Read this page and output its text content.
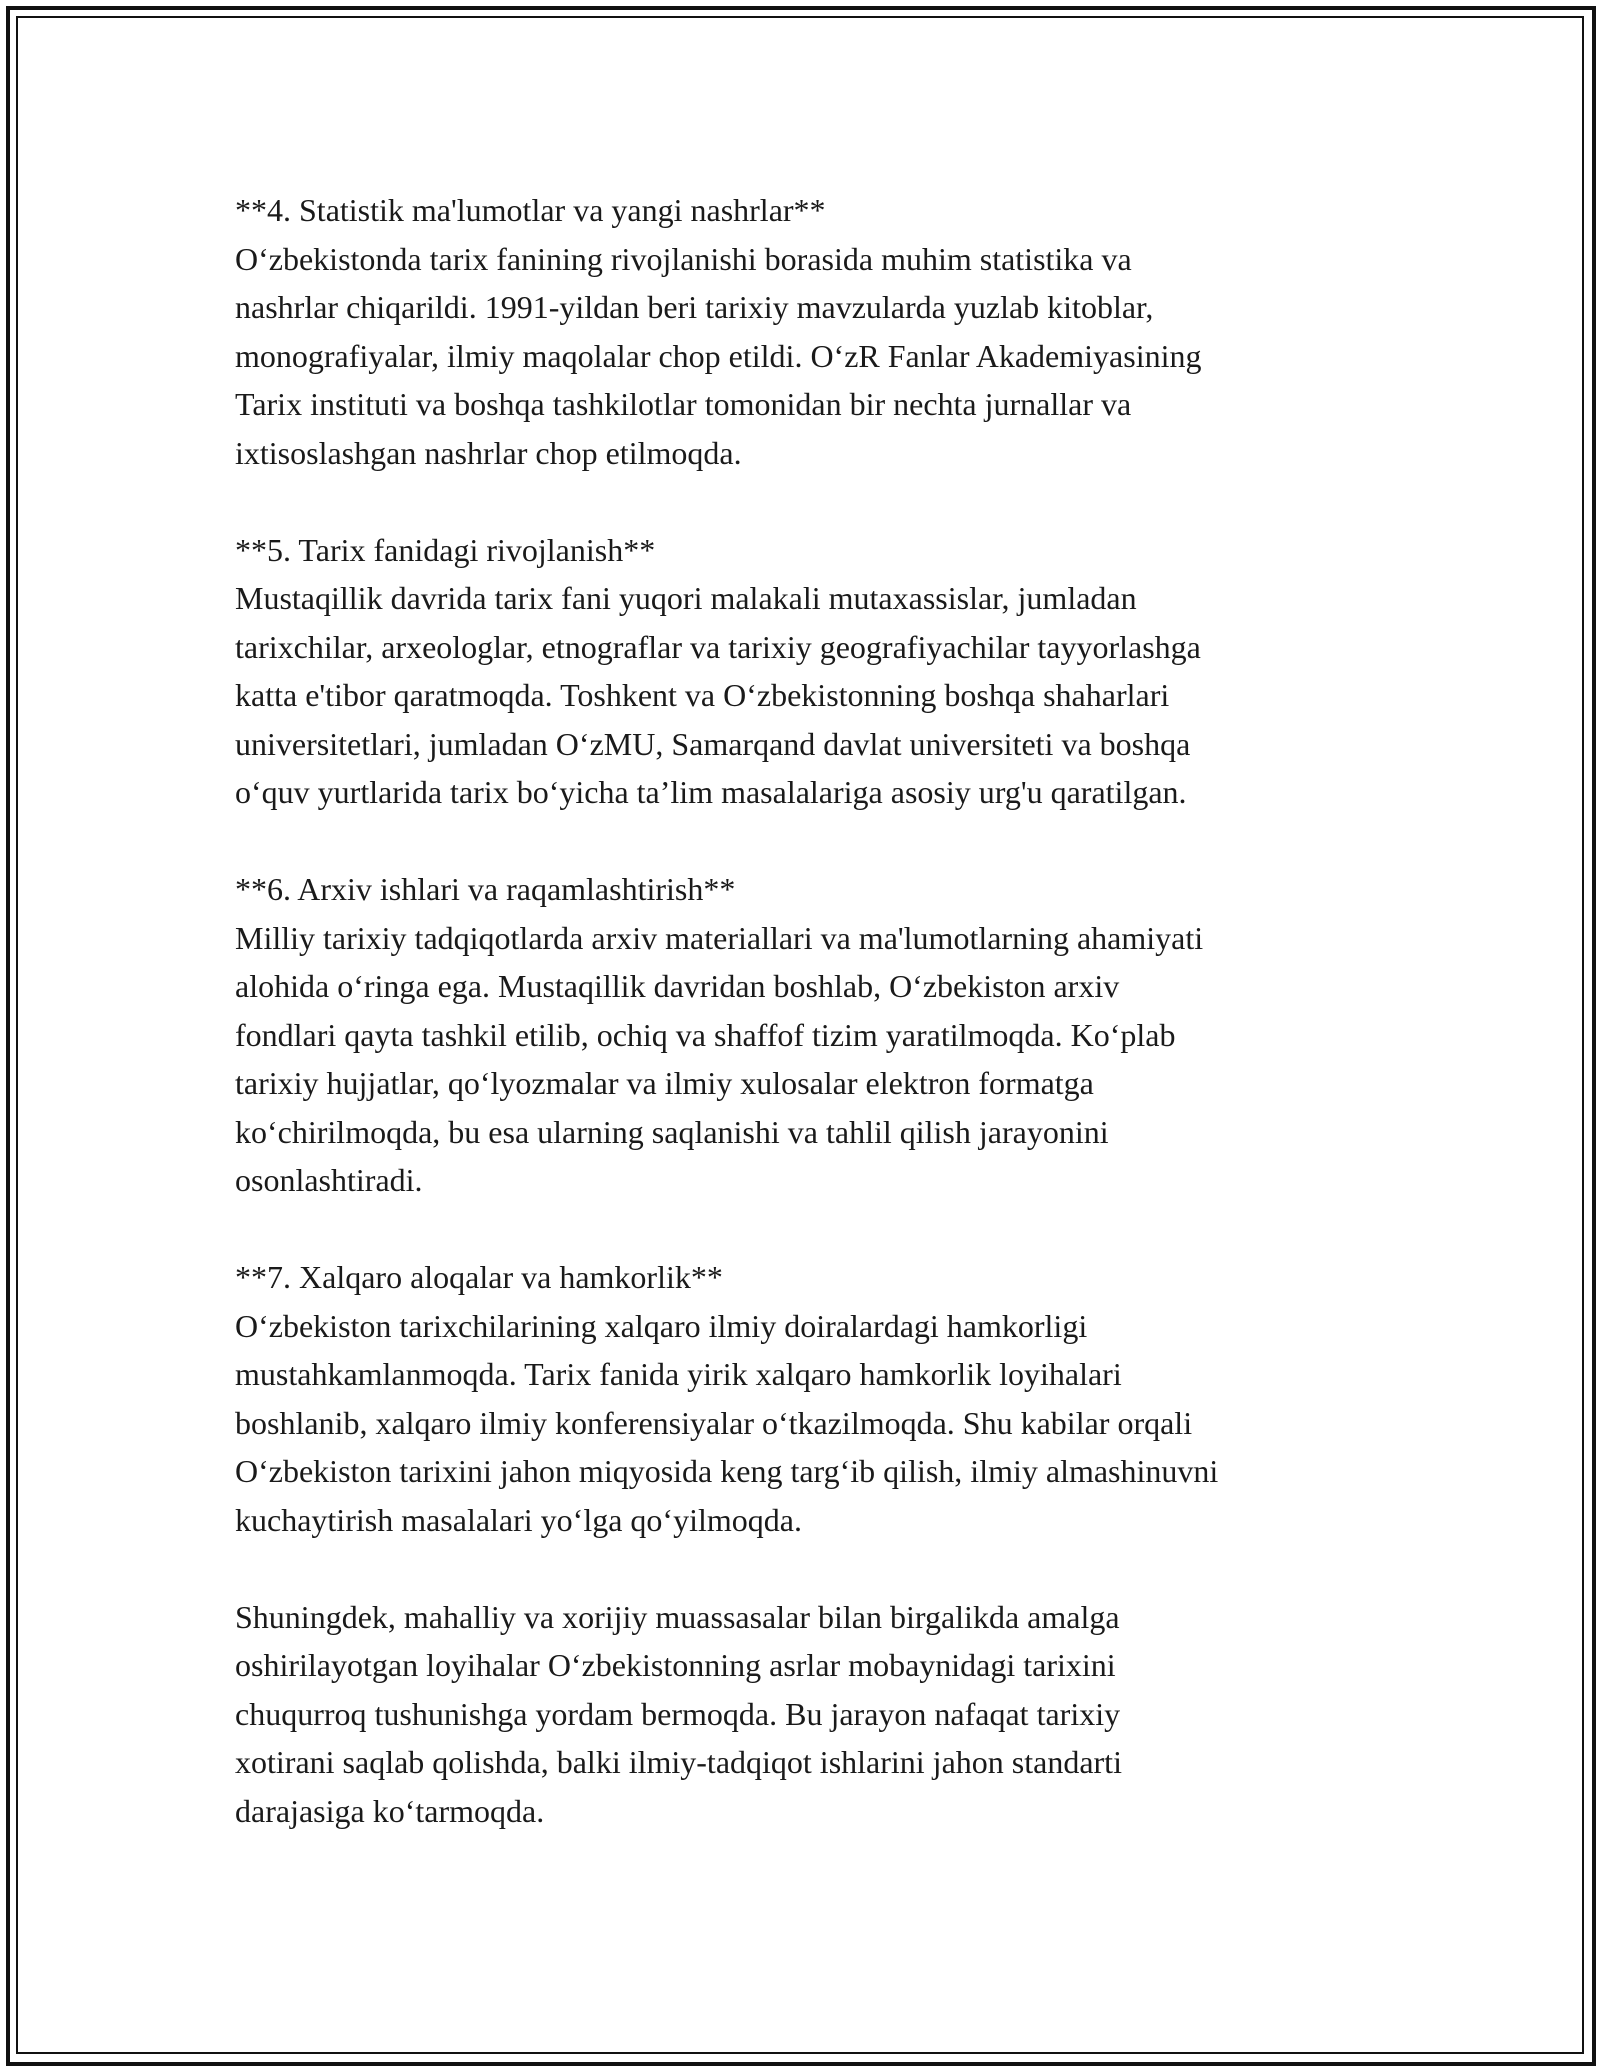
**4. Statistik ma'lumotlar va yangi nashrlar**

O‘zbekistonda tarix fanining rivojlanishi borasida muhim statistika va
nashrlar chiqarildi. 1991-yildan beri tarixiy mavzularda yuzlab kitoblar,
monografiyalar, ilmiy maqolalar chop etildi. O‘zR Fanlar Akademiyasining
Tarix instituti va boshqa tashkilotlar tomonidan bir nechta jurnallar va
ixtisoslashgan nashrlar chop etilmoqda.

**5. Tarix fanidagi rivojlanish**

Mustaqillik davrida tarix fani yuqori malakali mutaxassislar, jumladan
tarixchilar, arxeologlar, etnograflar va tarixiy geografiyachilar tayyorlashga
katta e'tibor qaratmoqda. Toshkent va O‘zbekistonning boshqa shaharlari
universitetlari, jumladan O‘zMU, Samarqand davlat universiteti va boshqa
o‘quv yurtlarida tarix bo‘yicha ta’lim masalalariga asosiy urg'u qaratilgan.

**6. Arxiv ishlari va raqamlashtirish**

Milliy tarixiy tadqiqotlarda arxiv materiallari va ma'lumotlarning ahamiyati
alohida o‘ringa ega. Mustaqillik davridan boshlab, O‘zbekiston arxiv
fondlari qayta tashkil etilib, ochiq va shaffof tizim yaratilmoqda. Ko‘plab
tarixiy hujjatlar, qo‘lyozmalar va ilmiy xulosalar elektron formatga
ko‘chirilmoqda, bu esa ularning saqlanishi va tahlil qilish jarayonini
osonlashtiradi.

**7. Xalqaro aloqalar va hamkorlik**

O‘zbekiston tarixchilarining xalqaro ilmiy doiralardagi hamkorligi
mustahkamlanmoqda. Tarix fanida yirik xalqaro hamkorlik loyihalari
boshlanib, xalqaro ilmiy konferensiyalar o‘tkazilmoqda. Shu kabilar orqali
O‘zbekiston tarixini jahon miqyosida keng targ‘ib qilish, ilmiy almashinuvni
kuchaytirish masalalari yo‘lga qo‘yilmoqda.

Shuningdek, mahalliy va xorijiy muassasalar bilan birgalikda amalga
oshirilayotgan loyihalar O‘zbekistonning asrlar mobaynidagi tarixini
chuqurroq tushunishga yordam bermoqda. Bu jarayon nafaqat tarixiy
xotirani saqlab qolishda, balki ilmiy-tadqiqot ishlarini jahon standarti
darajasiga ko‘tarmoqda.
